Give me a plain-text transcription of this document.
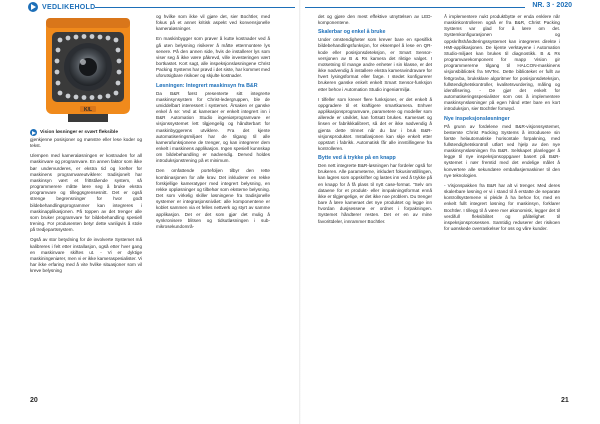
VEDLIKEHOLD	NR. 3 · 2020
K/L
Vision løsninger er svært fleksible

gjenkjenne posisjoner og mønstre eller lese koder og tekst.

Ulempen med kameraløsningen er kostnaden for all maskinvare og programvare. En annen faktor som ikke bør undervurderes, er ekstra tid og krefter for maskinens programvareutviklere: tradisjonelt har maskinsyn vært et frittstående system, så programmerere måtte lære seg å bruke ekstra programvare og tilleggsgrensesnitt. Det er også strenge begrensninger for hvor godt bildebehandlingsprogrammer kan integreres i maskinapplikasjonen. På toppen av det trenger alle som bruker programvare for bildebehandling spesiell trening. For produsenten betyr dette vanligvis å stole på tredjepartssystem.

Også av stor betydning for de involverte Systemet må kalibreres i felt etter installasjon, også etter hver gang en maskinvare skiftes ut. - Vi er dyktige maskiningeniører, men vi er ikke kameraspesialister. Vi har ikke erfaring med å vite hvilke situasjoner som vil kreve belysning

og hvilke som ikke vil gjøre det, sier Bochtler, med fokus på et annet kritisk aspekt ved konvensjonelle kameraløsninger.

En maskinbygger som prøver å kutte kostnader ved å gå uten belysning risikerer å måtte ettermontere lys senere. På den annen side, hvis de installerer lys som viser seg å ikke være påkrevd, ville investeringen vært bortkastet. Kort sagt, alle inspeksjonsløsningene Christ Packing Systems har prøvd i det siste, har kommet med uforutsigbare risikoer og skjulte kostnader.

Løsningen: Integrert maskinsyn fra B&R

Da B&R først presenterte sitt integrerte maskinsynsystem for Christ-ledergruppen, ble de umiddelbart interessert i systemet. Årsaken er ganske enkel å se: Ved at kameraer er enkelt integrert inn i B&R Automation Studio ingeniørprogramvare er visjonssystemet lett tilgjengelig og håndterbart for maskinbyggerens utviklere. Fra det kjente automatiseringsmiljøet har de tilgang til alle kamerafunksjonene de trenger, og kan integrerer dem enkelt i maskinens applikasjon. Ingen spesiell kunnskap om bildebehandling er nødvendig. Derved holdes introduksjonstrening på et minimum.

Den omfattende portefoljen tilbyr den rette kombinasjonen for alle krav. Det inkluderer en rekke forskjellige kameratyper med integrert belysning, en rekke oppløsninger og tilbehør som eksterne belysning. Det som virkelig skiller løsningene fra tradisjonelle systemer er integrasjonsnivået: alle komponentene er koblet sammen via et felles nettverk og styrt av samme applikasjon. Det er det som gjør det mulig å synkronisere blitsen og tidsutløsningen i sub-mikrosekundområ-

det og gjøre den mest effektive utnyttelsen av LED-komponentene.

Skalerbar og enkel å bruke

Under omstendigheter som krever bare en spesifikk bildebehandlingsfunksjon, for eksempel å lese en QR-kode eller posisjonsdeteksjon, er Smart Sensor-versjonen av B & Rs kamera det riktige valget. I motsetning til mange andre enheter i sin klasse, er det ikke nødvendig å installere ekstra kameravindravare for hvert lysingsformat eller farge. I stedet konfigurerer brukeren ganske enkelt enkelt Smart Sensor-funksjon etter behov i Automation Studio ingeniørmiljø.

I tilfeller som krever flere funksjoner, er det enkelt å oppgradere til et kraftigere smartkamera. Enhver applikasjonsprogramvare, parametere og modeller som allerede er utviklet, kan fortsatt brukes. Kameraet og linsen er fabrikkkalibrert, så det er ikke nødvendig å gjenta dette trinnet når du bar i bruk B&R-visjonsproduktet. Installasjonen kan skje enkelt etter oppstart i fabrikk. Automatisk får alle innstillingene fra kontrolleren.

Bytte ved å trykke på en knapp

Den nett integrerte B&R-løsningen har fordeler også for brukeren. Alle parameterne, inkludert fokusinnstillingen, kan lagres som oppskrifter og lastes inn ved å trykke på en knapp for å få plass til nytt case-format. "Selv om dataene for et produkt- eller innpakningsformat ennå ikke er tilgjengelige, er det ikke noe problem. Du trenger bare å lære kameraet det nye produktet og legge inn hvordan dusjsessene er ordnet i forpakningen. Systemet håndterer resten. Det er en av mine favorittdeler, innrammer Bochtler.

Å implementere nukt produktbytte er enda enklere når maskinkontrolleren også er fra B&R, Christ Packing Systems var glad for å lære om det. Systemkonfigurasjonen og oppskriftshåndteringssystemet kan integreres direkte i HMI-applikasjonen. De kjente verktøyene i Automation Studio-miljøet kan brukes til diagnostikk. B & Rs programvarekomponent for mapp Vision gir programmererne tilgang til HALCON-maskinens visjonsbibliotek fra MVTec. Dette biblioteket er fullt av fettgrovba, bruksklare algoritmer for posisjonsdeteksjon, fullstendighetskontroller, kvalitetsvurdering, måling og identifisering. - De gjør det enkelt for automatiseringsspesialister som oss å implementere maskinsynsløsninger på egen hånd etter bare en kort introduksjon, sier Bochtler fornøyd.

Nye inspeksjonsløsninger

På grunn av fordelene med B&R-visjonssystemet, bestemte Christ Packing Systems å introdusere sin første helautomatiske horisontale forpakning, med fullstendighetskontroll utført ved hjelp av den nye maskinsynsløsningen fra B&R. Selskapet planlegger å legge til nye inspeksjonsoppgaver basert på B&R-systemet i nær fremtid med det endelige målet å konvertere alle sekundære emballasjemaskiner til den nye teknologien.

- Visjonspakken fra B&R har alt vi trenger. Med deres skalerbare løsning er vi i stand til å erstatte de separate kontrollsystemene vi pleide å ha behov for, med en enkelt fullt integrert løsning for maskinsyn, forklarer Bochtler. I tillegg til å være mer økonomisk, legger det til verdifull fleksibilitet og pålitelighet til inspeksjonsprosessen. Samtidig reduserer det risikoen for uønskede overraskelser for oss og våre kunder.

20	21
